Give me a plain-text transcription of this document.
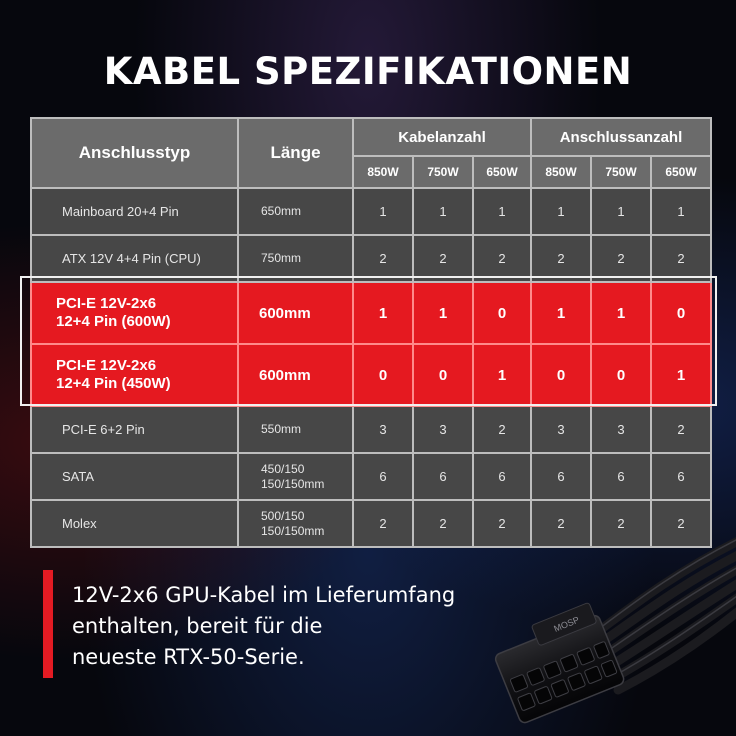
KABEL SPEZIFIKATIONEN
Anschlusstyp	Länge	Kabelanzahl			Anschlussanzahl		
		850W	750W	650W	850W	750W	650W
Mainboard 20+4 Pin	650mm	1	1	1	1	1	1
ATX 12V 4+4 Pin (CPU)	750mm	2	2	2	2	2	2
PCI-E 12V-2x6
12+4 Pin (600W)	600mm	1	1	0	1	1	0
PCI-E 12V-2x6
12+4 Pin (450W)	600mm	0	0	1	0	0	1
PCI-E 6+2 Pin	550mm	3	3	2	3	3	2
SATA	450/150
150/150mm	6	6	6	6	6	6
Molex	500/150
150/150mm	2	2	2	2	2	2
12V-2x6 GPU-Kabel im Lieferumfang
enthalten, bereit für die
neueste RTX-50-Serie.
MOSP
